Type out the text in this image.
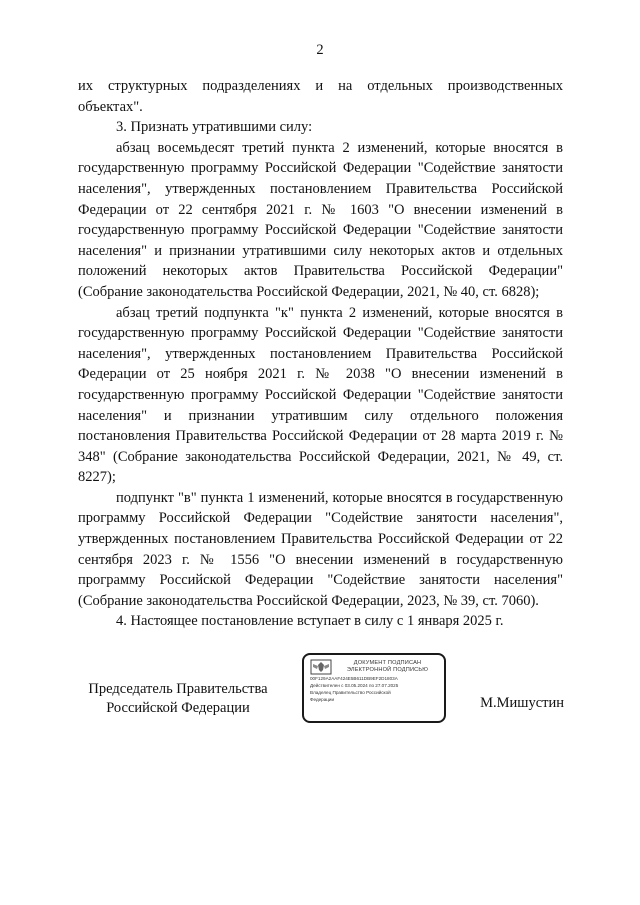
2

их структурных подразделениях и на отдельных производственных объектах".

3. Признать утратившими силу:

абзац восемьдесят третий пункта 2 изменений, которые вносятся в государственную программу Российской Федерации "Содействие занятости населения", утвержденных постановлением Правительства Российской Федерации от 22 сентября 2021 г. № 1603 "О внесении изменений в государственную программу Российской Федерации "Содействие занятости населения" и признании утратившими силу некоторых актов и отдельных положений некоторых актов Правительства Российской Федерации" (Собрание законодательства Российской Федерации, 2021, № 40, ст. 6828);

абзац третий подпункта "к" пункта 2 изменений, которые вносятся в государственную программу Российской Федерации "Содействие занятости населения", утвержденных постановлением Правительства Российской Федерации от 25 ноября 2021 г. № 2038 "О внесении изменений в государственную программу Российской Федерации "Содействие занятости населения" и признании утратившим силу отдельного положения постановления Правительства Российской Федерации от 28 марта 2019 г. № 348" (Собрание законодательства Российской Федерации, 2021, № 49, ст. 8227);

подпункт "в" пункта 1 изменений, которые вносятся в государственную программу Российской Федерации "Содействие занятости населения", утвержденных постановлением Правительства Российской Федерации от 22 сентября 2023 г. № 1556 "О внесении изменений в государственную программу Российской Федерации "Содействие занятости населения" (Собрание законодательства Российской Федерации, 2023, № 39, ст. 7060).

4. Настоящее постановление вступает в силу с 1 января 2025 г.

Председатель Правительства
Российской Федерации
ДОКУМЕНТ ПОДПИСАН
ЭЛЕКТРОННОЙ ПОДПИСЬЮ
00F129A2AAF424E5B611DB9EF2D1803A
Действителен с 03.05.2024 по 27.07.2025
Владелец Правительство Российской
Федерации	М.Мишустин
